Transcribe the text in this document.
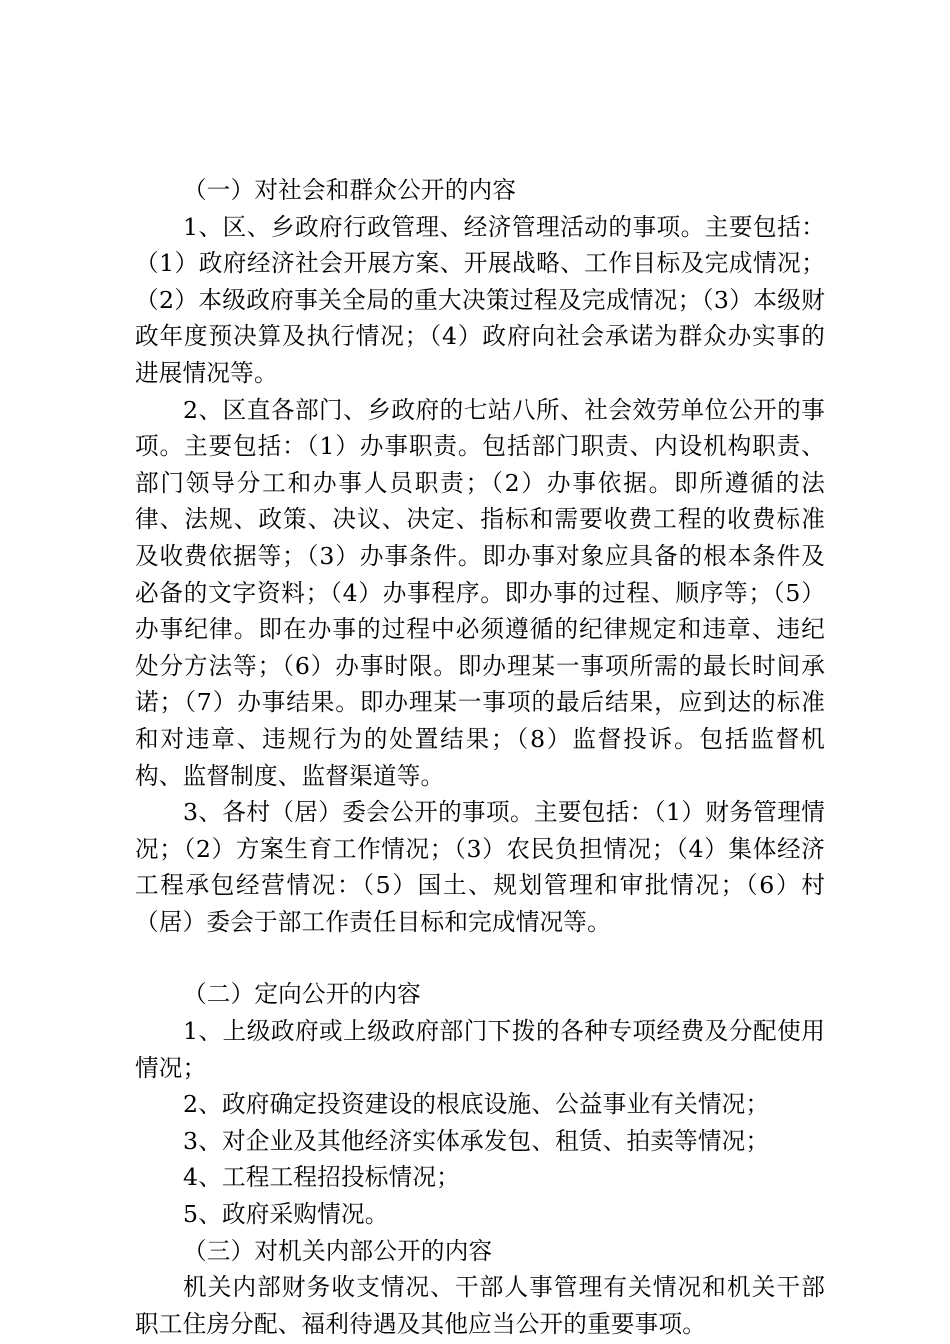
（一）对社会和群众公开的内容

1、区、乡政府行政管理、经济管理活动的事项。主要包括：（1）政府经济社会开展方案、开展战略、工作目标及完成情况；（2）本级政府事关全局的重大决策过程及完成情况；（3）本级财政年度预决算及执行情况；（4）政府向社会承诺为群众办实事的进展情况等。

2、区直各部门、乡政府的七站八所、社会效劳单位公开的事项。主要包括：（1）办事职责。包括部门职责、内设机构职责、部门领导分工和办事人员职责；（2）办事依据。即所遵循的法律、法规、政策、决议、决定、指标和需要收费工程的收费标准及收费依据等；（3）办事条件。即办事对象应具备的根本条件及必备的文字资料；（4）办事程序。即办事的过程、顺序等；（5）办事纪律。即在办事的过程中必须遵循的纪律规定和违章、违纪处分方法等；（6）办事时限。即办理某一事项所需的最长时间承诺；（7）办事结果。即办理某一事项的最后结果，应到达的标准和对违章、违规行为的处置结果；（8）监督投诉。包括监督机构、监督制度、监督渠道等。

3、各村（居）委会公开的事项。主要包括：（1）财务管理情况；（2）方案生育工作情况；（3）农民负担情况；（4）集体经济工程承包经营情况：（5）国土、规划管理和审批情况；（6）村（居）委会于部工作责任目标和完成情况等。

（二）定向公开的内容

1、上级政府或上级政府部门下拨的各种专项经费及分配使用情况；

2、政府确定投资建设的根底设施、公益事业有关情况；

3、对企业及其他经济实体承发包、租赁、拍卖等情况；

4、工程工程招投标情况；

5、政府采购情况。

（三）对机关内部公开的内容

机关内部财务收支情况、干部人事管理有关情况和机关干部职工住房分配、福利待遇及其他应当公开的重要事项。
